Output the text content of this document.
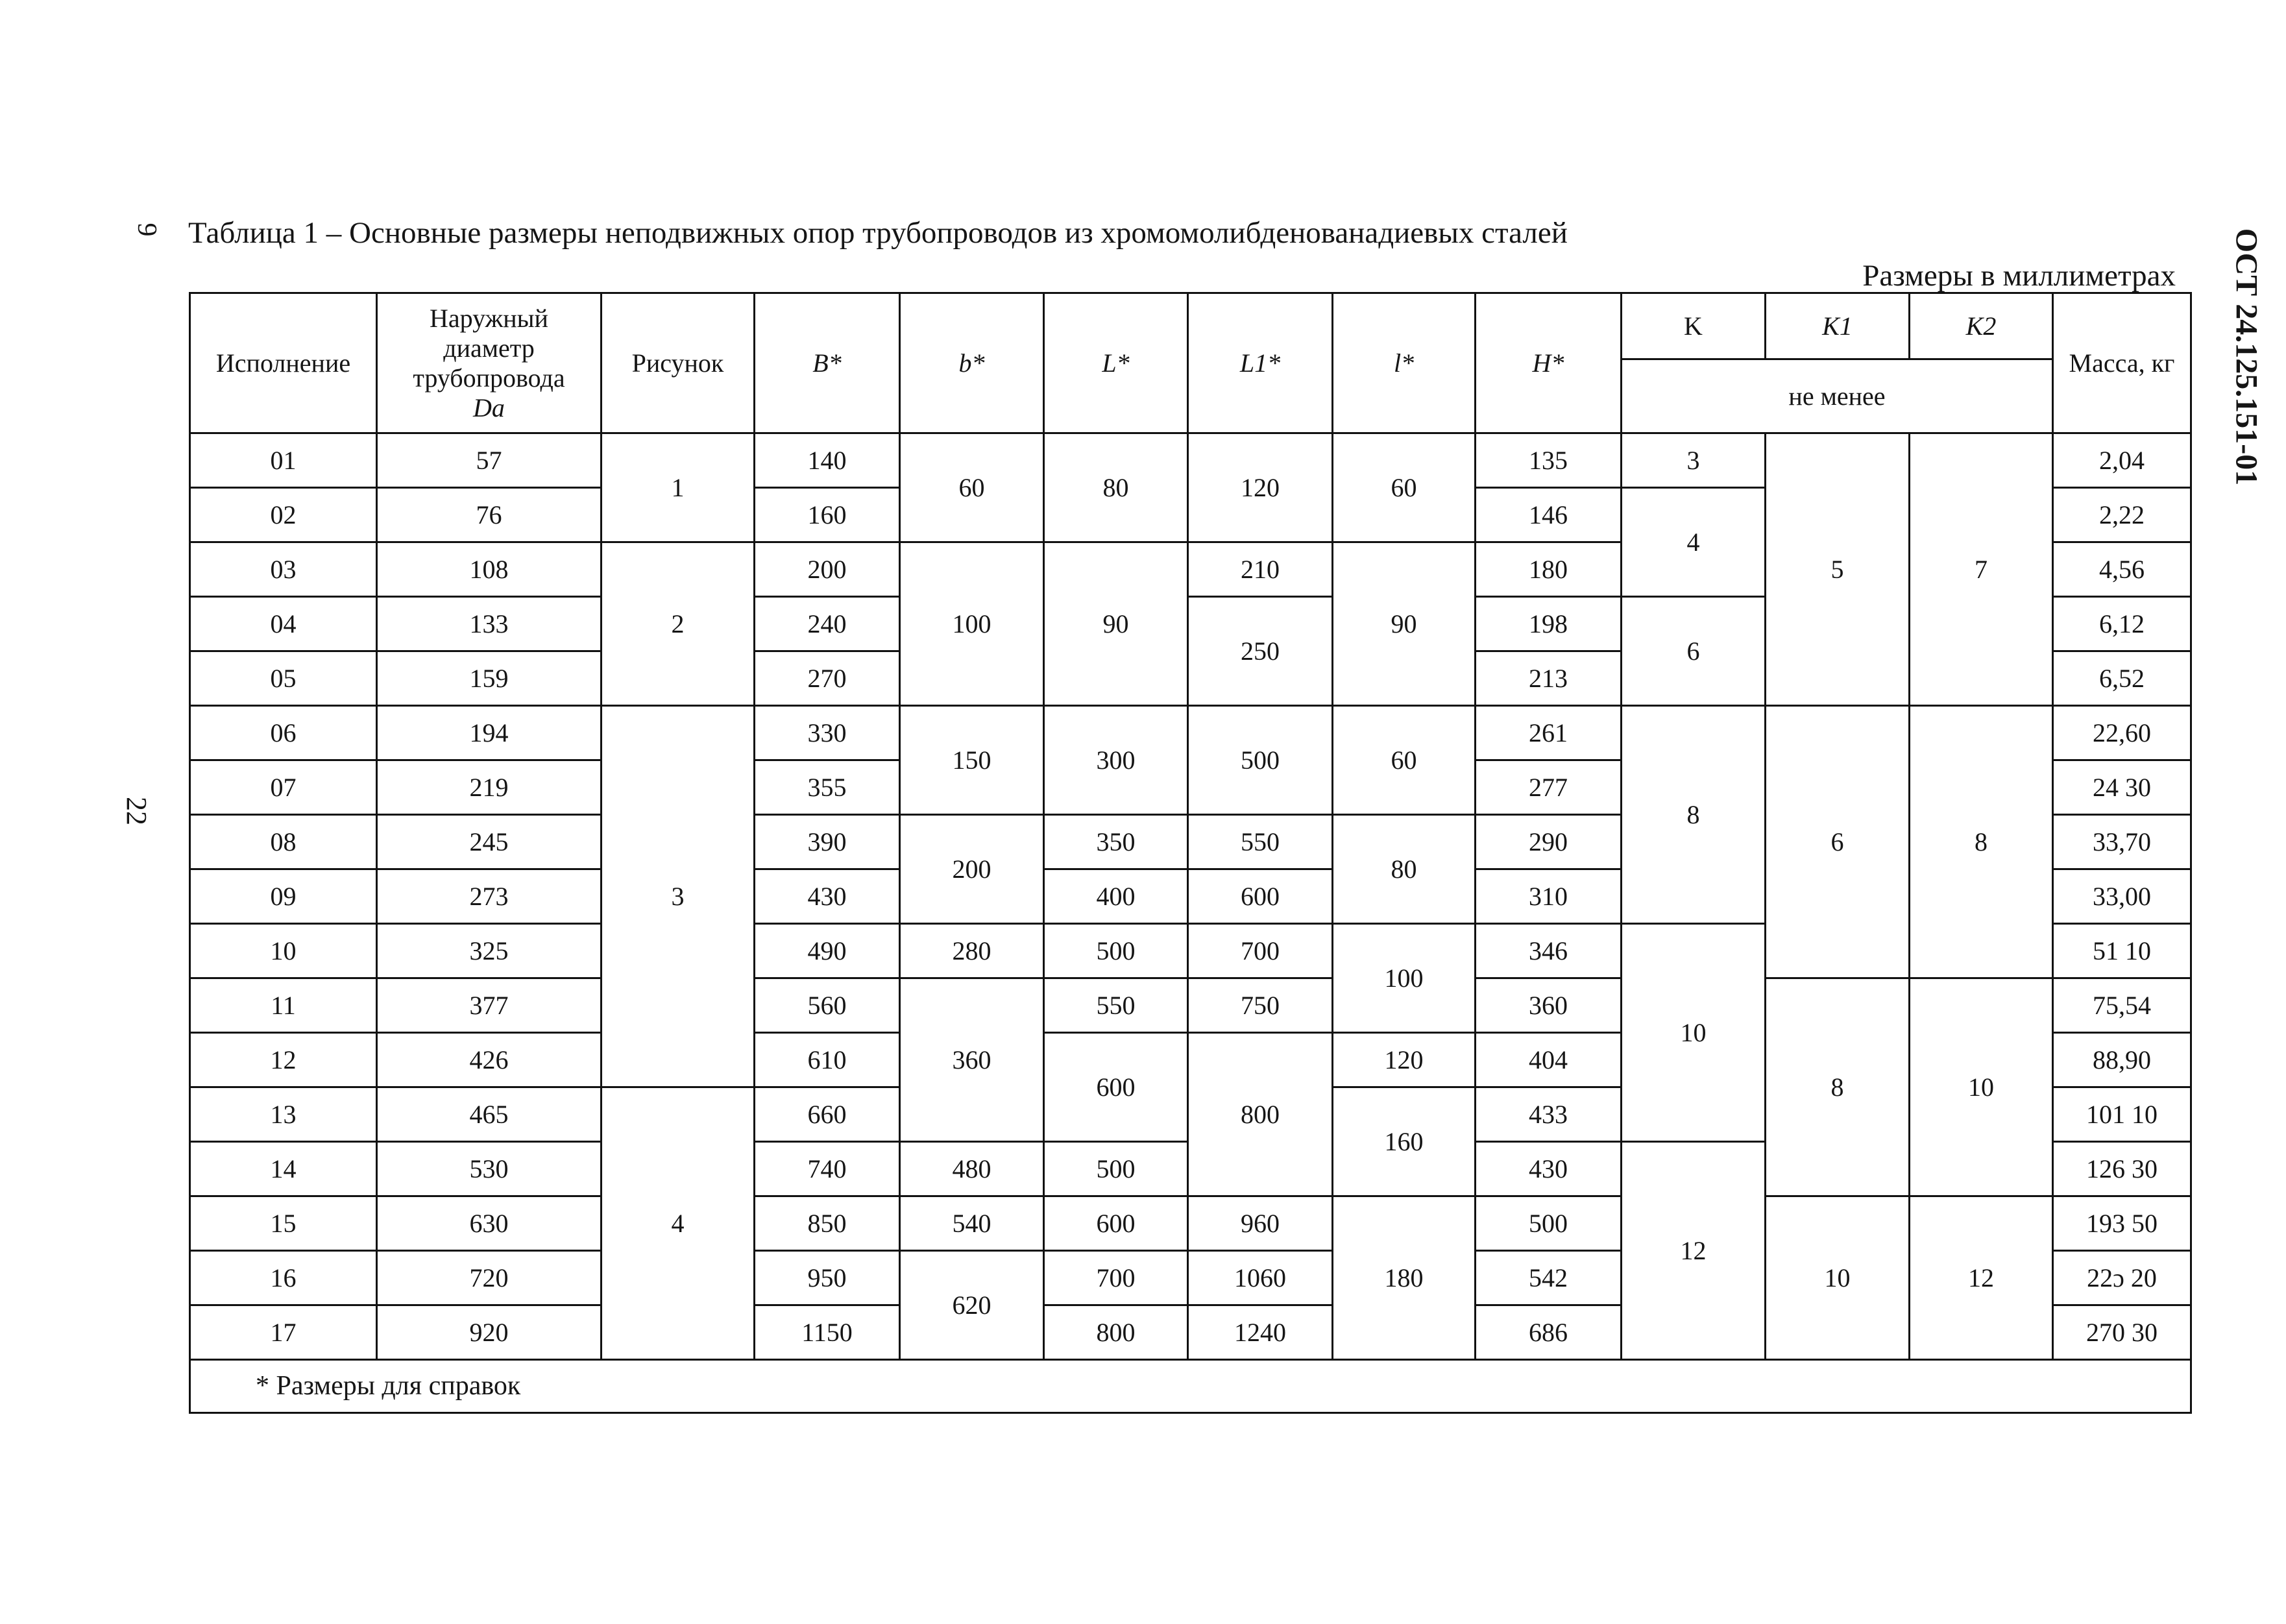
9
22
ОСТ 24.125.151-01
Таблица 1 – Основные размеры неподвижных опор трубопроводов из хромомолибденованадиевых сталей
Размеры в миллиметрах
Исполнение	Наружный
диаметр
трубопровода
Da	Рисунок	B*	b*	L*	L1*	l*	H*	K	K1	K2	Масса, кг
									не менее			
01	57	1	140	60	80	120	60	135	3	5	7	2,04
02	76		160					146	4			2,22
03	108	2	200	100	90	210	90	180				4,56
04	133		240			250		198	6			6,12
05	159		270					213				6,52
06	194	3	330	150	300	500	60	261	8	6	8	22,60
07	219		355					277				24 30
08	245		390	200	350	550	80	290				33,70
09	273		430		400	600		310				33,00
10	325		490	280	500	700	100	346	10			51 10
11	377		560	360	550	750		360		8	10	75,54
12	426		610		600	800	120	404				88,90
13	465	4	660				160	433				101 10
14	530		740	480	500			430	12			126 30
15	630		850	540	600	960	180	500		10	12	193 50
16	720		950	620	700	1060		542				22ɔ 20
17	920		1150		800	1240		686				270 30
* Размеры для справок												
